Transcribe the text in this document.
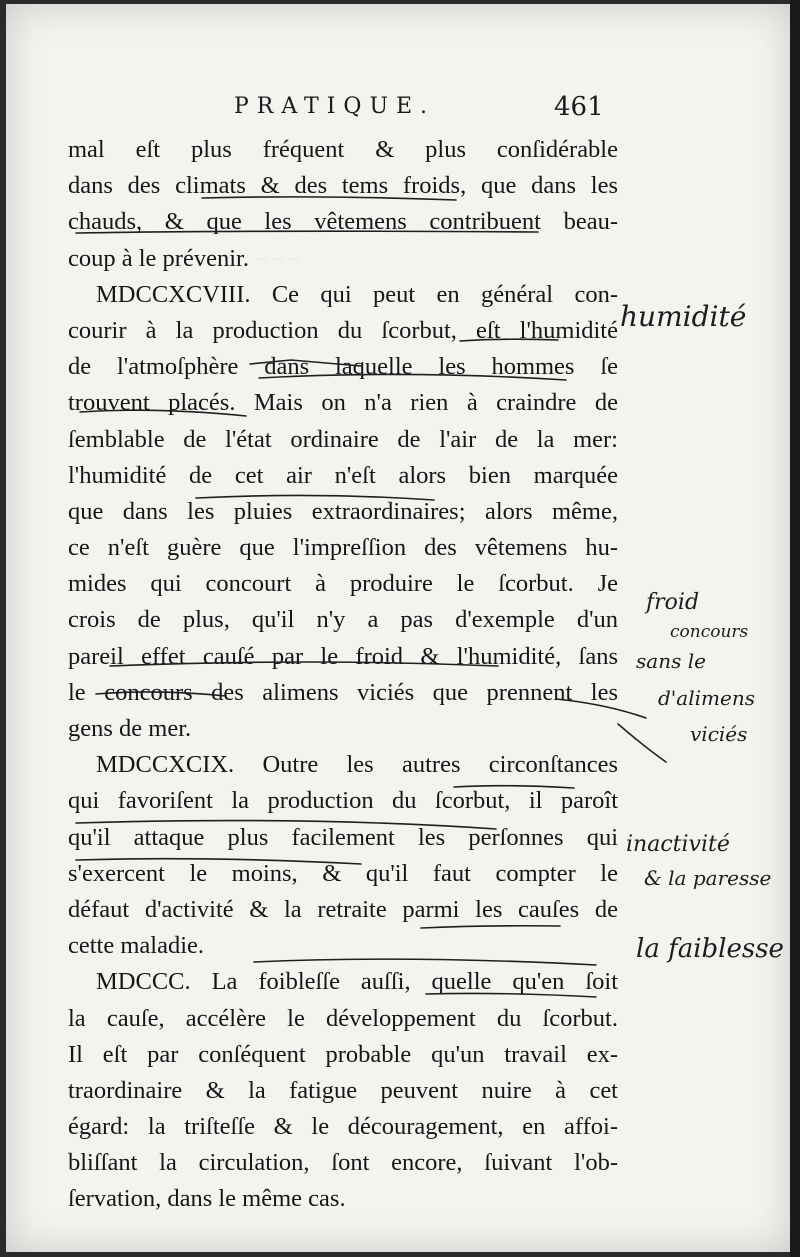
~ ~ ~
PRATIQUE.	461
mal eſt plus fréquent & plus conſidérable
dans des climats & des tems froids, que dans les
chauds, & que les vêtemens contribuent beau-
coup à le prévenir.
MDCCXCVIII. Ce qui peut en général con-
courir à la production du ſcorbut, eſt l'humidité
de l'atmoſphère dans laquelle les hommes ſe
trouvent placés. Mais on n'a rien à craindre de
ſemblable de l'état ordinaire de l'air de la mer:
l'humidité de cet air n'eſt alors bien marquée
que dans les pluies extraordinaires; alors même,
ce n'eſt guère que l'impreſſion des vêtemens hu-
mides qui concourt à produire le ſcorbut. Je
crois de plus, qu'il n'y a pas d'exemple d'un
pareil effet cauſé par le froid & l'humidité, ſans
le concours des alimens viciés que prennent les
gens de mer.
MDCCXCIX. Outre les autres circonſtances
qui favoriſent la production du ſcorbut, il paroît
qu'il attaque plus facilement les perſonnes qui
s'exercent le moins, & qu'il faut compter le
défaut d'activité & la retraite parmi les cauſes de
cette maladie.
MDCCC. La foibleſſe auſſi, quelle qu'en ſoit
la cauſe, accélère le développement du ſcorbut.
Il eſt par conſéquent probable qu'un travail ex-
traordinaire & la fatigue peuvent nuire à cet
égard: la triſteſſe & le découragement, en affoi-
bliſſant la circulation, ſont encore, ſuivant l'ob-
ſervation, dans le même cas.
humidité
froid
sans le
concours
d'alimens
viciés
inactivité
& la paresse
la faiblesse
